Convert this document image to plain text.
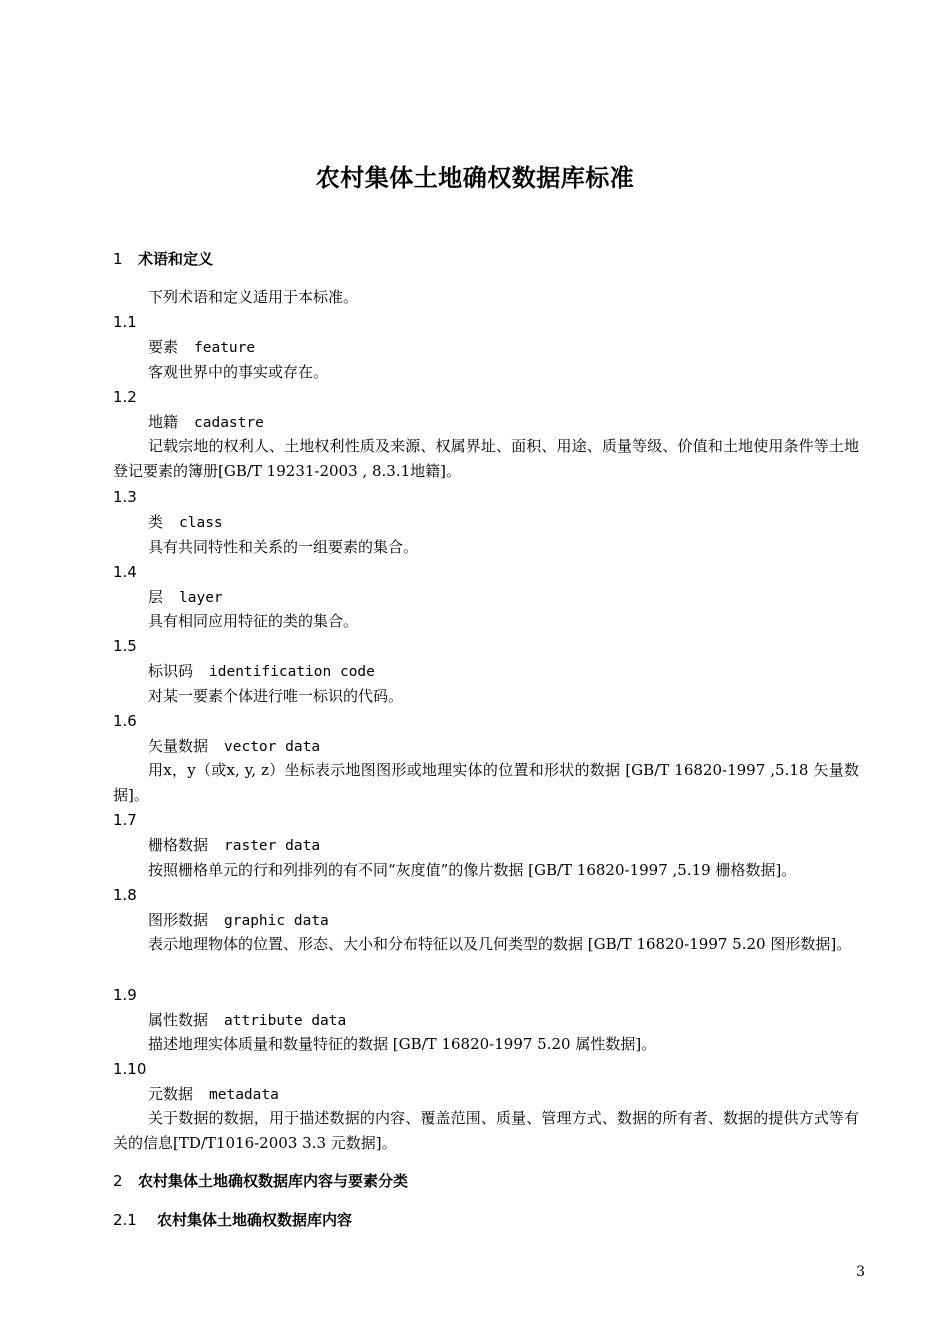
农村集体土地确权数据库标准
1 术语和定义
下列术语和定义适用于本标准。
1.1
要素 feature
客观世界中的事实或存在。
1.2
地籍 cadastre
记载宗地的权利人、土地权利性质及来源、权属界址、面积、用途、质量等级、价值和土地使用条件等土地登记要素的簿册[GB/T 19231-2003 , 8.3.1地籍]。
1.3
类 class
具有共同特性和关系的一组要素的集合。
1.4
层 layer
具有相同应用特征的类的集合。
1.5
标识码 identification code
对某一要素个体进行唯一标识的代码。
1.6
矢量数据 vector data
用x，y（或x, y, z）坐标表示地图图形或地理实体的位置和形状的数据 [GB/T 16820-1997 ,5.18 矢量数据]。
1.7
栅格数据 raster data
按照栅格单元的行和列排列的有不同“灰度值”的像片数据 [GB/T 16820-1997 ,5.19 栅格数据]。
1.8
图形数据 graphic data
表示地理物体的位置、形态、大小和分布特征以及几何类型的数据 [GB/T 16820-1997 5.20 图形数据]。
1.9
属性数据 attribute data
描述地理实体质量和数量特征的数据 [GB/T 16820-1997 5.20 属性数据]。
1.10
元数据 metadata
关于数据的数据，用于描述数据的内容、覆盖范围、质量、管理方式、数据的所有者、数据的提供方式等有关的信息[TD/T1016-2003 3.3 元数据]。
2 农村集体土地确权数据库内容与要素分类
2.1 农村集体土地确权数据库内容
3
